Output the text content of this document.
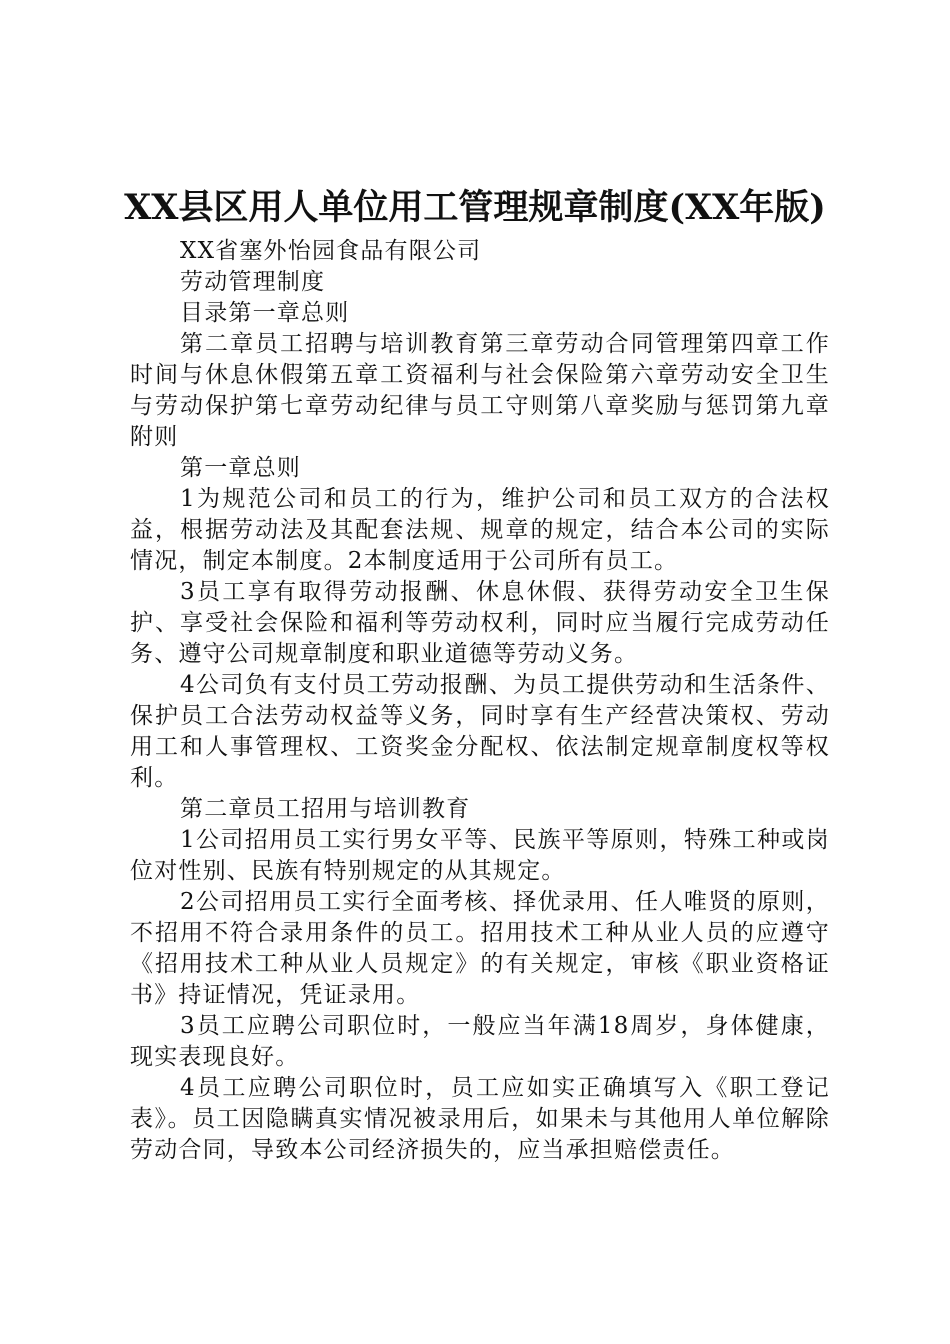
XX县区用人单位用工管理规章制度(XX年版)

XX省塞外怡园食品有限公司

劳动管理制度

目录第一章总则

第二章员工招聘与培训教育第三章劳动合同管理第四章工作时间与休息休假第五章工资福利与社会保险第六章劳动安全卫生与劳动保护第七章劳动纪律与员工守则第八章奖励与惩罚第九章附则

第一章总则

1为规范公司和员工的行为，维护公司和员工双方的合法权益，根据劳动法及其配套法规、规章的规定，结合本公司的实际情况，制定本制度。2本制度适用于公司所有员工。

3员工享有取得劳动报酬、休息休假、获得劳动安全卫生保护、享受社会保险和福利等劳动权利，同时应当履行完成劳动任务、遵守公司规章制度和职业道德等劳动义务。

4公司负有支付员工劳动报酬、为员工提供劳动和生活条件、保护员工合法劳动权益等义务，同时享有生产经营决策权、劳动用工和人事管理权、工资奖金分配权、依法制定规章制度权等权利。

第二章员工招用与培训教育

1公司招用员工实行男女平等、民族平等原则，特殊工种或岗位对性别、民族有特别规定的从其规定。

2公司招用员工实行全面考核、择优录用、任人唯贤的原则，不招用不符合录用条件的员工。招用技术工种从业人员的应遵守《招用技术工种从业人员规定》的有关规定，审核《职业资格证书》持证情况，凭证录用。

3员工应聘公司职位时，一般应当年满18周岁，身体健康，现实表现良好。

4员工应聘公司职位时，员工应如实正确填写入《职工登记表》。员工因隐瞒真实情况被录用后，如果未与其他用人单位解除劳动合同，导致本公司经济损失的，应当承担赔偿责任。
